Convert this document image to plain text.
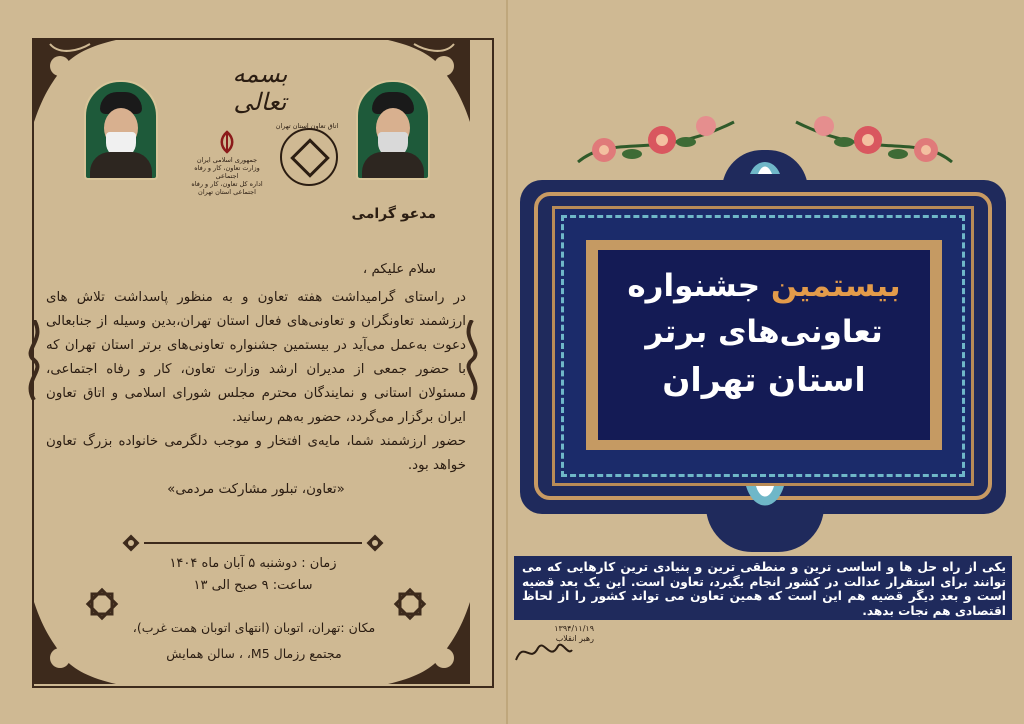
بسمه تعالی
جمهوری اسلامی ایران
وزارت تعاون، کار و رفاه اجتماعی
اداره کل تعاون، کار و رفاه اجتماعی استان تهران
اتاق تعاون استان تهران
مدعو گرامی
سلام علیکم ،

در راستای گرامیداشت هفته تعاون و به منظور پاسداشت تلاش های ارزشمند تعاونگران و تعاونی‌های فعال استان تهران،بدین وسیله از جنابعالی دعوت به‌عمل می‌آید در بیستمین جشنواره تعاونی‌های برتر استان تهران که با حضور جمعی از مدیران ارشد وزارت تعاون، کار و رفاه اجتماعی، مسئولان استانی و نمایندگان محترم مجلس شورای اسلامی و اتاق تعاون ایران برگزار می‌گردد، حضور به‌هم رسانید.

حضور ارزشمند شما، مایه‌ی افتخار و موجب دلگرمی خانواده بزرگ تعاون خواهد بود.

«تعاون، تبلور مشارکت مردمی»

زمان : دوشنبه ۵ آبان ماه ۱۴۰۴
ساعت: ۹ صبح الی ۱۳
مکان :تهران، اتوبان (انتهای اتوبان همت غرب)،
مجتمع رزمال M5، ، سالن همایش
بیستمین جشنواره
تعاونی‌های برتر
استان تهران
یکی از راه حل ها و اساسی ترین و منطقی ترین و بنیادی ترین کارهایی که می توانند برای استقرار عدالت در کشور انجام بگیرد، تعاون است. این یک بعد قضیه است و بعد دیگر قضیه هم این است که همین تعاون می تواند کشور را از لحاظ اقتصادی هم نجات بدهد.
۱۳۹۴/۱۱/۱۹
رهبر انقلاب
